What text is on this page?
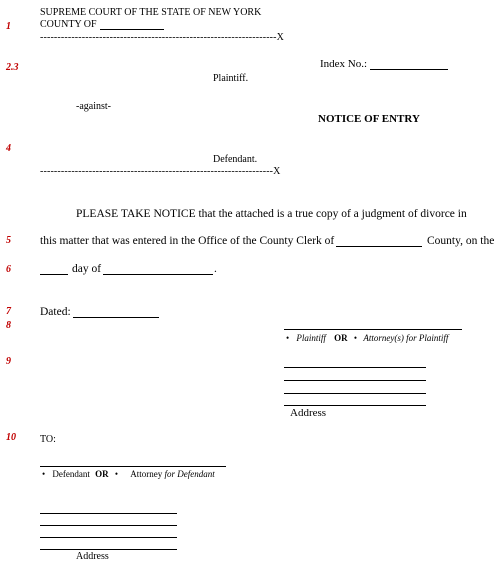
1
2.3
4
5
6
7
8
9
10
SUPREME COURT OF THE STATE OF NEW YORK
COUNTY OF
--------------------------------------------------------------------X
Index No.:
Plaintiff.
-against-
NOTICE OF ENTRY
Defendant.
-------------------------------------------------------------------X
PLEASE TAKE NOTICE that the attached is a true copy of a judgment of divorce in
this matter that was entered in the Office of the County Clerk of	County, on the
day of	.
Dated:
• Plaintiff OR • Attorney(s) for Plaintiff
Address
TO:
• Defendant OR • Attorney for Defendant
Address
